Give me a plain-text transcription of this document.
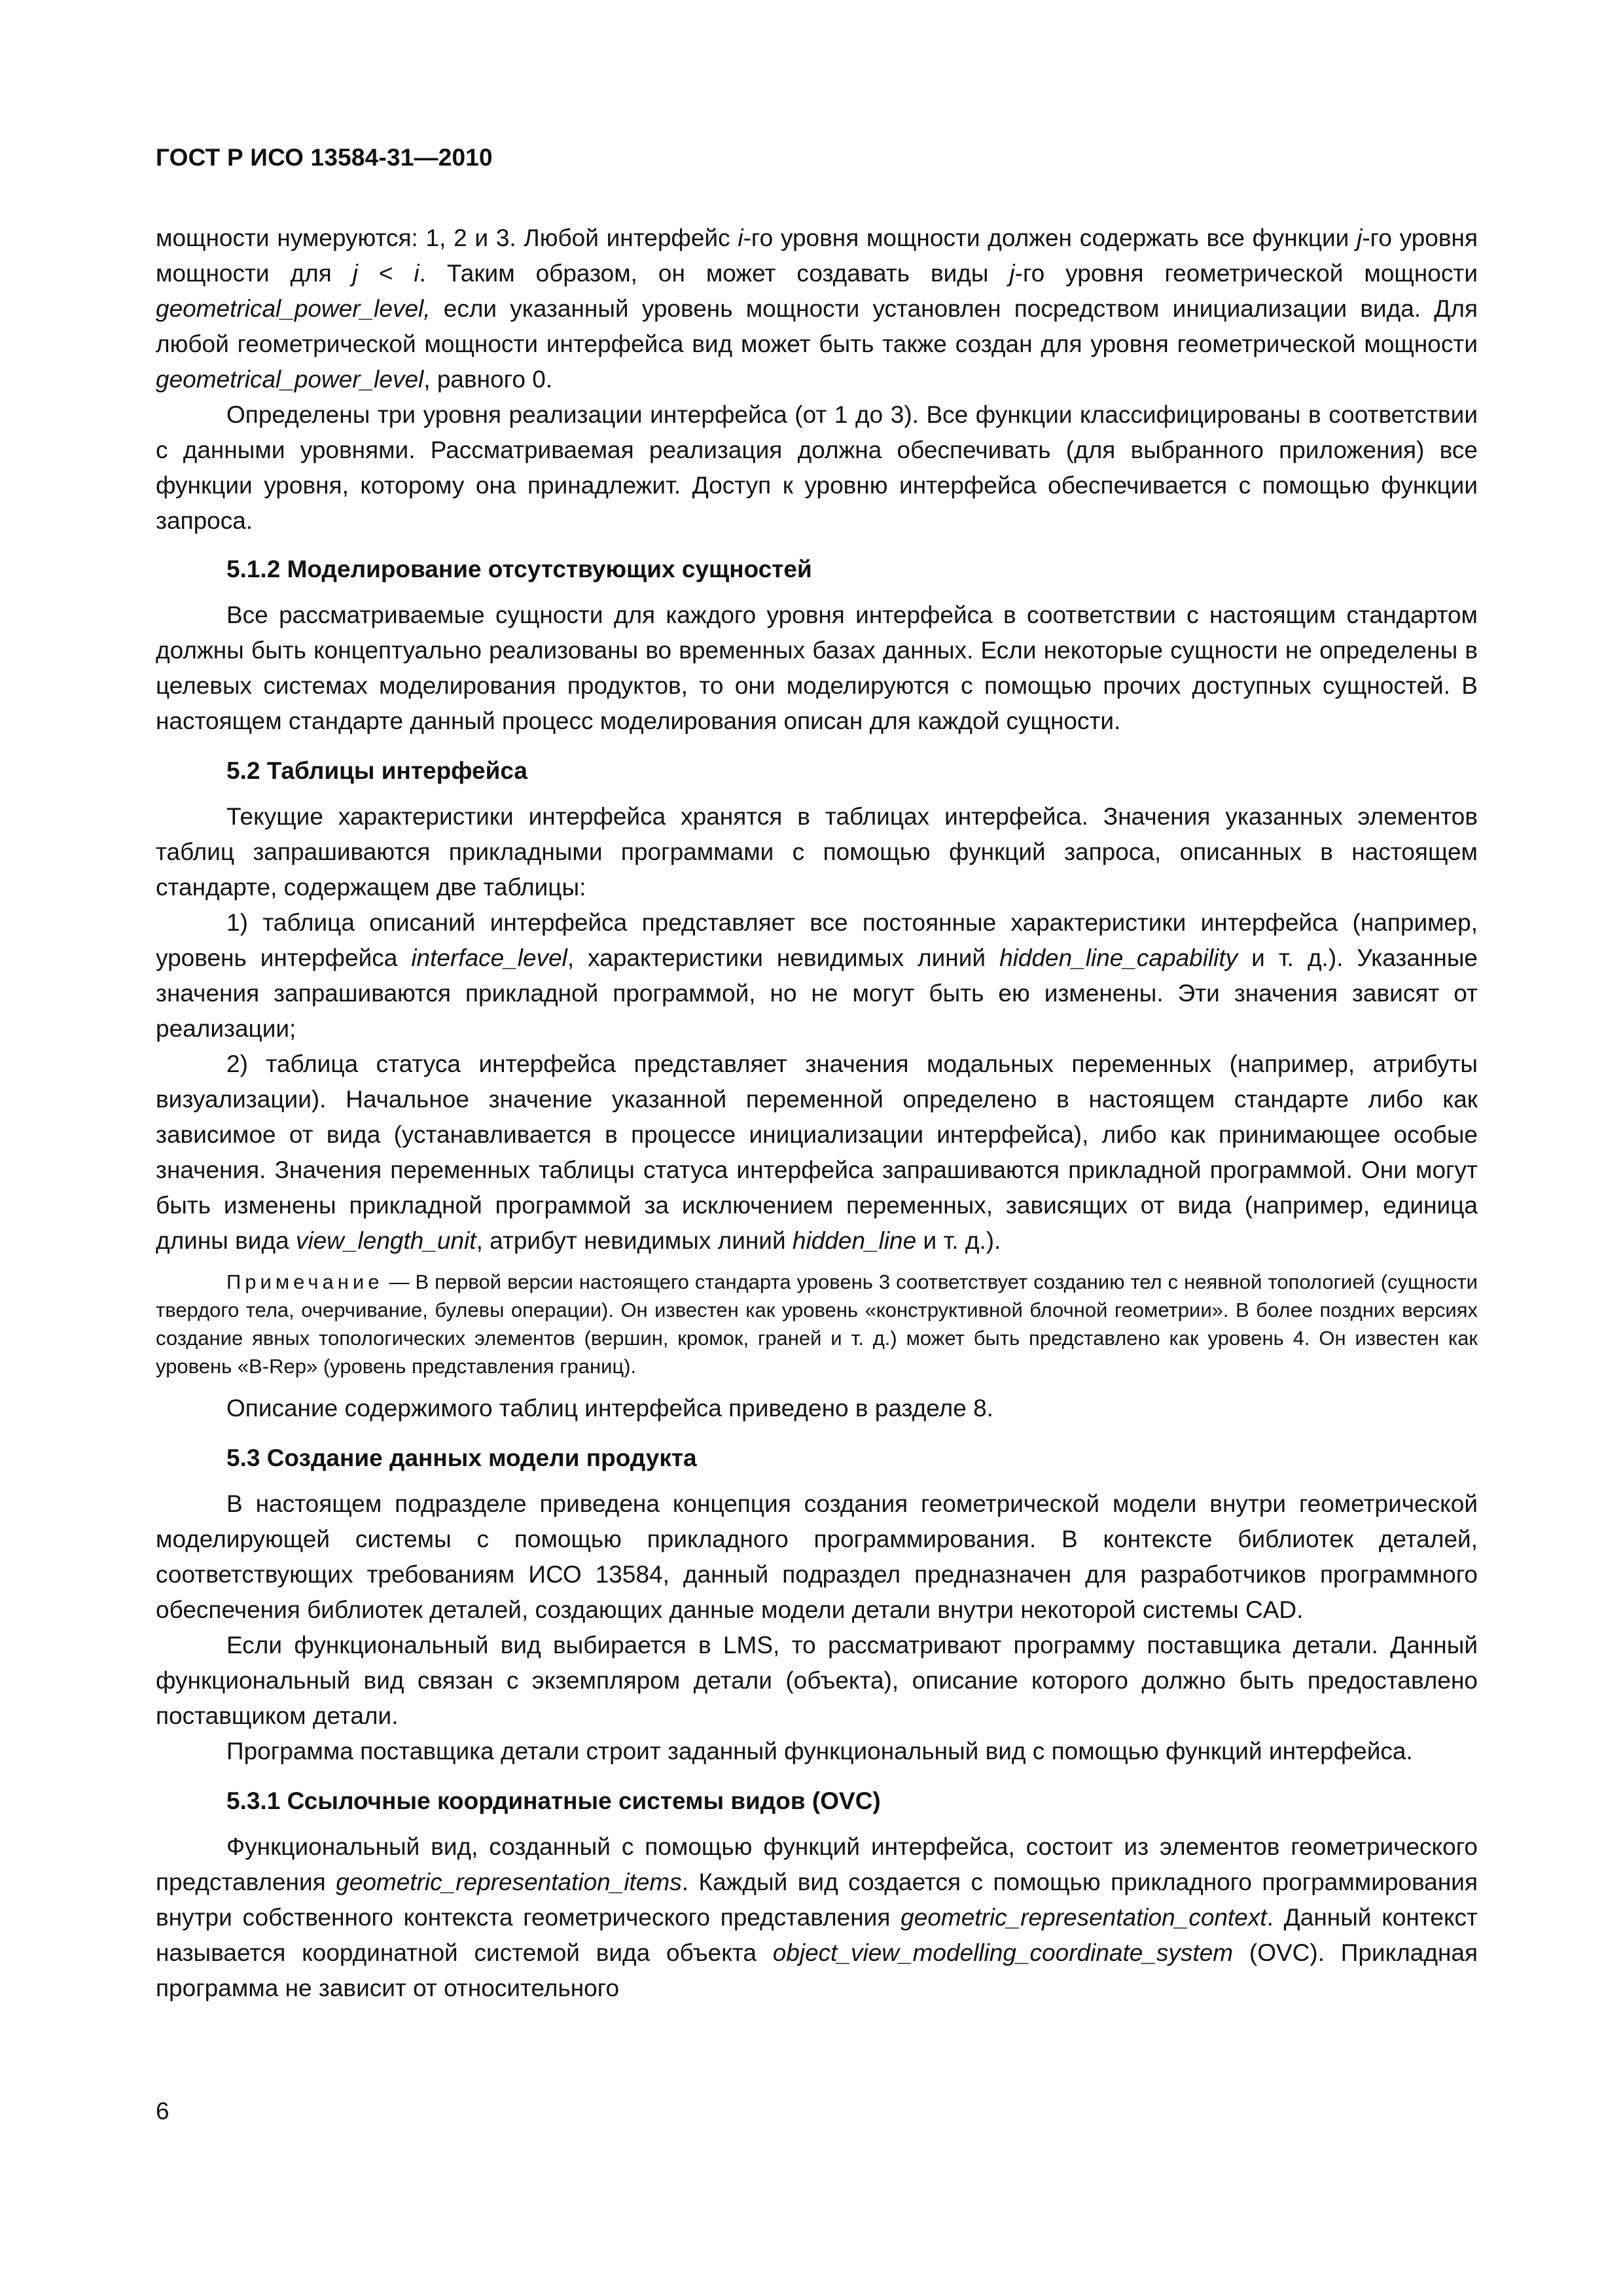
ГОСТ Р ИСО 13584-31—2010

мощности нумеруются: 1, 2 и 3. Любой интерфейс i-го уровня мощности должен содержать все функции j-го уровня мощности для j < i. Таким образом, он может создавать виды j-го уровня геометрической мощности geometrical_power_level, если указанный уровень мощности установлен посредством инициализации вида. Для любой геометрической мощности интерфейса вид может быть также создан для уровня геометрической мощности geometrical_power_level, равного 0.

Определены три уровня реализации интерфейса (от 1 до 3). Все функции классифицированы в соответствии с данными уровнями. Рассматриваемая реализация должна обеспечивать (для выбранного приложения) все функции уровня, которому она принадлежит. Доступ к уровню интерфейса обеспечивается с помощью функции запроса.

5.1.2 Моделирование отсутствующих сущностей

Все рассматриваемые сущности для каждого уровня интерфейса в соответствии с настоящим стандартом должны быть концептуально реализованы во временных базах данных. Если некоторые сущности не определены в целевых системах моделирования продуктов, то они моделируются с помощью прочих доступных сущностей. В настоящем стандарте данный процесс моделирования описан для каждой сущности.

5.2 Таблицы интерфейса

Текущие характеристики интерфейса хранятся в таблицах интерфейса. Значения указанных элементов таблиц запрашиваются прикладными программами с помощью функций запроса, описанных в настоящем стандарте, содержащем две таблицы:

1) таблица описаний интерфейса представляет все постоянные характеристики интерфейса (например, уровень интерфейса interface_level, характеристики невидимых линий hidden_line_capability и т. д.). Указанные значения запрашиваются прикладной программой, но не могут быть ею изменены. Эти значения зависят от реализации;

2) таблица статуса интерфейса представляет значения модальных переменных (например, атрибуты визуализации). Начальное значение указанной переменной определено в настоящем стандарте либо как зависимое от вида (устанавливается в процессе инициализации интерфейса), либо как принимающее особые значения. Значения переменных таблицы статуса интерфейса запрашиваются прикладной программой. Они могут быть изменены прикладной программой за исключением переменных, зависящих от вида (например, единица длины вида view_length_unit, атрибут невидимых линий hidden_line и т. д.).

Примечание — В первой версии настоящего стандарта уровень 3 соответствует созданию тел с неявной топологией (сущности твердого тела, очерчивание, булевы операции). Он известен как уровень «конструктивной блочной геометрии». В более поздних версиях создание явных топологических элементов (вершин, кромок, граней и т. д.) может быть представлено как уровень 4. Он известен как уровень «B-Rep» (уровень представления границ).

Описание содержимого таблиц интерфейса приведено в разделе 8.

5.3 Создание данных модели продукта

В настоящем подразделе приведена концепция создания геометрической модели внутри геометрической моделирующей системы с помощью прикладного программирования. В контексте библиотек деталей, соответствующих требованиям ИСО 13584, данный подраздел предназначен для разработчиков программного обеспечения библиотек деталей, создающих данные модели детали внутри некоторой системы CAD.

Если функциональный вид выбирается в LMS, то рассматривают программу поставщика детали. Данный функциональный вид связан с экземпляром детали (объекта), описание которого должно быть предоставлено поставщиком детали.

Программа поставщика детали строит заданный функциональный вид с помощью функций интерфейса.

5.3.1 Ссылочные координатные системы видов (OVC)

Функциональный вид, созданный с помощью функций интерфейса, состоит из элементов геометрического представления geometric_representation_items. Каждый вид создается с помощью прикладного программирования внутри собственного контекста геометрического представления geometric_representation_context. Данный контекст называется координатной системой вида объекта object_view_modelling_coordinate_system (OVC). Прикладная программа не зависит от относительного

6
